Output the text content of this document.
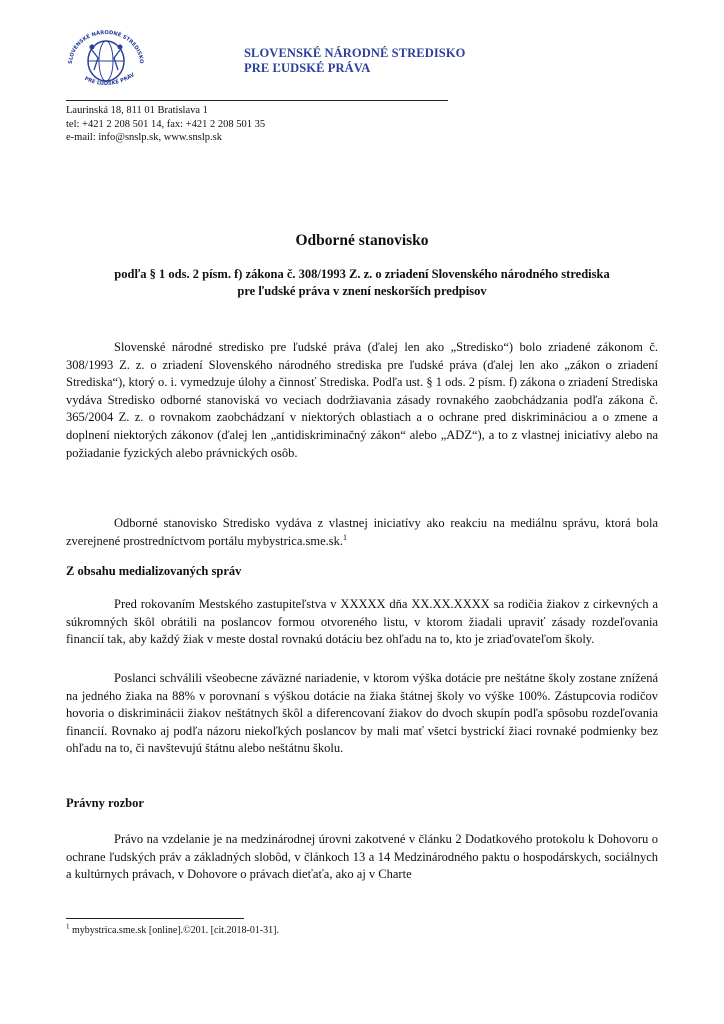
SLOVENSKÉ NÁRODNÉ STREDISKO
PRE ĽUDSKÉ PRÁV
SLOVENSKÉ NÁRODNÉ STREDISKO
PRE ĽUDSKÉ PRÁVA
Laurinská 18, 811 01 Bratislava 1
tel: +421 2 208 501 14, fax: +421 2 208 501 35
e-mail: info@snslp.sk, www.snslp.sk
Odborné stanovisko
podľa § 1 ods. 2 písm. f) zákona č. 308/1993 Z. z. o zriadení Slovenského národného strediska
pre ľudské práva v znení neskorších predpisov
Slovenské národné stredisko pre ľudské práva (ďalej len ako „Stredisko“) bolo zriadené zákonom č. 308/1993 Z. z. o zriadení Slovenského národného strediska pre ľudské práva (ďalej len ako „zákon o zriadení Strediska“), ktorý o. i. vymedzuje úlohy a činnosť Strediska. Podľa ust. § 1 ods. 2 písm. f) zákona o zriadení Strediska vydáva Stredisko odborné stanoviská vo veciach dodržiavania zásady rovnakého zaobchádzania podľa zákona č. 365/2004 Z. z. o rovnakom zaobchádzaní v niektorých oblastiach a o ochrane pred diskrimináciou a o zmene a doplnení niektorých zákonov (ďalej len „antidiskriminačný zákon“ alebo „ADZ“), a to z vlastnej iniciatívy alebo na požiadanie fyzických alebo právnických osôb.
Odborné stanovisko Stredisko vydáva z vlastnej iniciatívy ako reakciu na mediálnu správu, ktorá bola zverejnené prostredníctvom portálu mybystrica.sme.sk.$^1$
Z obsahu medializovaných správ
Pred rokovaním Mestského zastupiteľstva v XXXXX dňa XX.XX.XXXX sa rodičia žiakov z cirkevných a súkromných škôl obrátili na poslancov formou otvoreného listu, v ktorom žiadali upraviť zásady rozdeľovania financií tak, aby každý žiak v meste dostal rovnakú dotáciu bez ohľadu na to, kto je zriaďovateľom školy.
Poslanci schválili všeobecne záväzné nariadenie, v ktorom výška dotácie pre neštátne školy zostane znížená na jedného žiaka na 88% v porovnaní s výškou dotácie na žiaka štátnej školy vo výške 100%. Zástupcovia rodičov hovoria o diskriminácii žiakov neštátnych škôl a diferencovaní žiakov do dvoch skupín podľa spôsobu rozdeľovania financií. Rovnako aj podľa názoru niekoľkých poslancov by mali mať všetci bystrickí žiaci rovnaké podmienky bez ohľadu na to, či navštevujú štátnu alebo neštátnu školu.
Právny rozbor
Právo na vzdelanie je na medzinárodnej úrovni zakotvené v článku 2 Dodatkového protokolu k Dohovoru o ochrane ľudských práv a základných slobôd, v článkoch 13 a 14 Medzinárodného paktu o hospodárskych, sociálnych a kultúrnych právach, v Dohovore o právach dieťaťa, ako aj v Charte
$^1$ mybystrica.sme.sk [online].©201. [cit.2018-01-31].
